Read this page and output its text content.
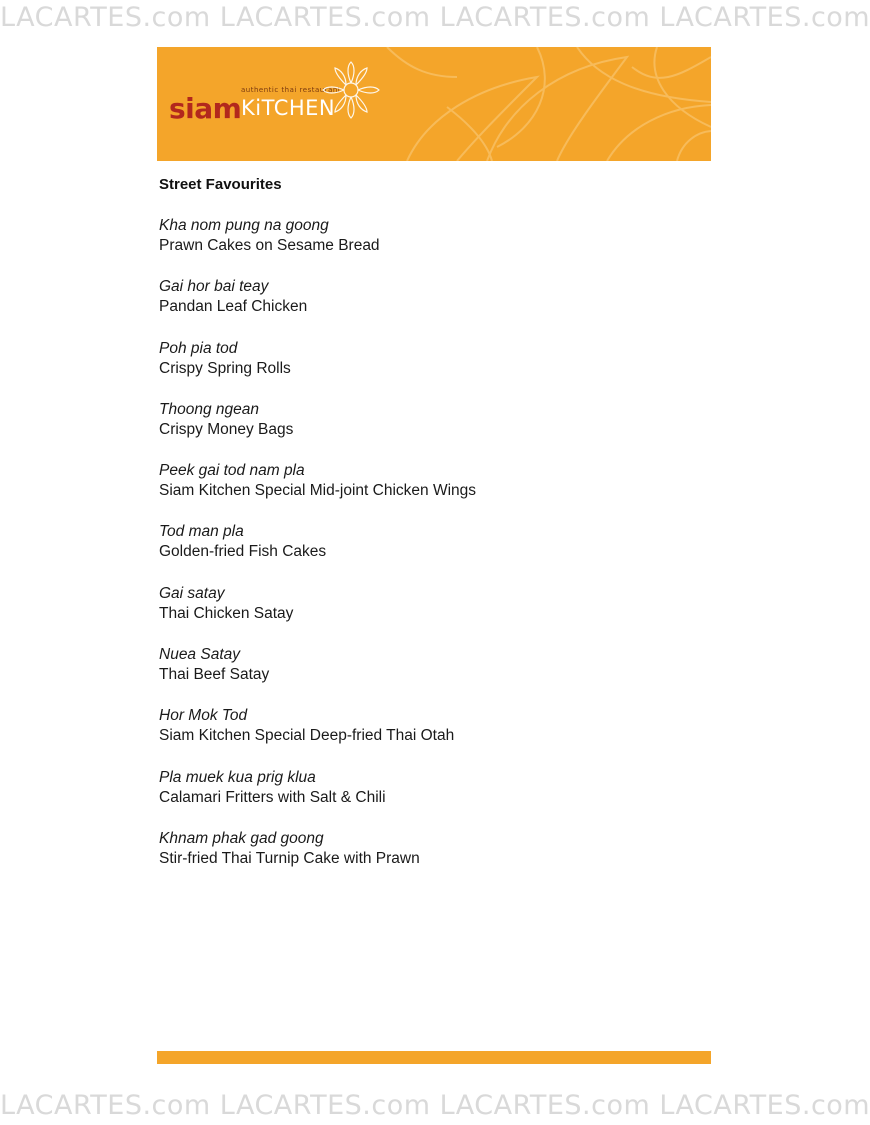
LACARTES.com LACARTES.com LACARTES.com LACARTES.com
authentic thai restaurant
siam KiTCHEN
Street Favourites
Kha nom pung na goong
Prawn Cakes on Sesame Bread
Gai hor bai teay
Pandan Leaf Chicken
Poh pia tod
Crispy Spring Rolls
Thoong ngean
Crispy Money Bags
Peek gai tod nam pla
Siam Kitchen Special Mid-joint Chicken Wings
Tod man pla
Golden-fried Fish Cakes
Gai satay
Thai Chicken Satay
Nuea Satay
Thai Beef Satay
Hor Mok Tod
Siam Kitchen Special Deep-fried Thai Otah
Pla muek kua prig klua
Calamari Fritters with Salt & Chili
Khnam phak gad goong
Stir-fried Thai Turnip Cake with Prawn
LACARTES.com LACARTES.com LACARTES.com LACARTES.com
